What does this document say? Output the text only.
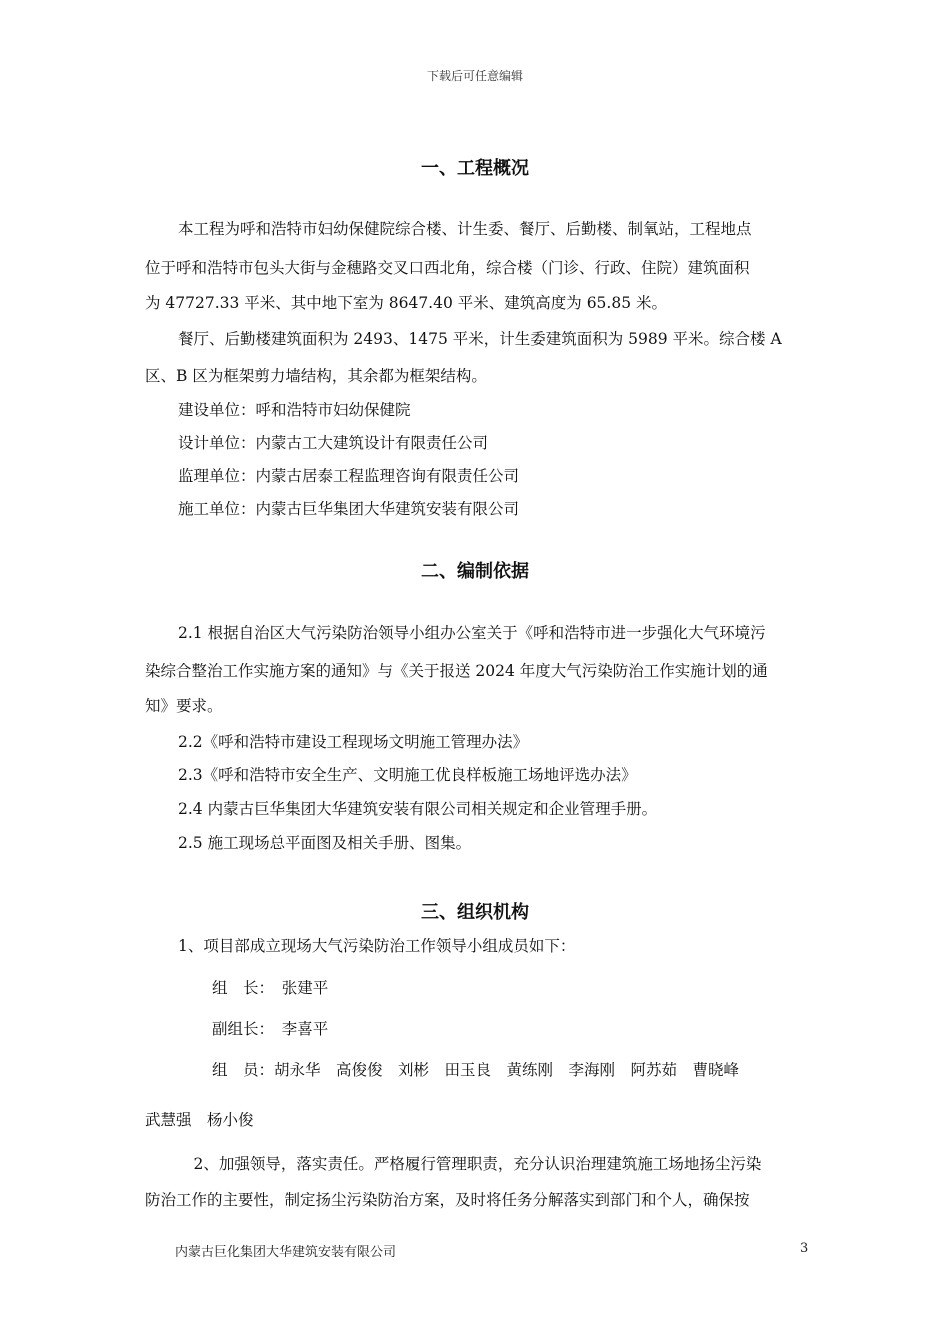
下载后可任意编辑
一、工程概况
本工程为呼和浩特市妇幼保健院综合楼、计生委、餐厅、后勤楼、制氧站，工程地点
位于呼和浩特市包头大街与金穗路交叉口西北角，综合楼（门诊、行政、住院）建筑面积
为 47727.33 平米、其中地下室为 8647.40 平米、建筑高度为 65.85 米。
餐厅、后勤楼建筑面积为 2493、1475 平米，计生委建筑面积为 5989 平米。综合楼 A
区、B 区为框架剪力墙结构，其余都为框架结构。
建设单位：呼和浩特市妇幼保健院
设计单位：内蒙古工大建筑设计有限责任公司
监理单位：内蒙古居泰工程监理咨询有限责任公司
施工单位：内蒙古巨华集团大华建筑安装有限公司
二、编制依据
2.1 根据自治区大气污染防治领导小组办公室关于《呼和浩特市进一步强化大气环境污
染综合整治工作实施方案的通知》与《关于报送 2024 年度大气污染防治工作实施计划的通
知》要求。
2.2《呼和浩特市建设工程现场文明施工管理办法》
2.3《呼和浩特市安全生产、文明施工优良样板施工场地评选办法》
2.4 内蒙古巨华集团大华建筑安装有限公司相关规定和企业管理手册。
2.5 施工现场总平面图及相关手册、图集。
三、组织机构
1、项目部成立现场大气污染防治工作领导小组成员如下：
组　长：　张建平
副组长：　李喜平
组　员：胡永华　高俊俊　刘彬　田玉良　黄练刚　李海刚　阿苏茹　曹晓峰
武慧强　杨小俊
　2、加强领导，落实责任。严格履行管理职责，充分认识治理建筑施工场地扬尘污染
防治工作的主要性，制定扬尘污染防治方案，及时将任务分解落实到部门和个人，确保按
内蒙古巨化集团大华建筑安装有限公司	3
